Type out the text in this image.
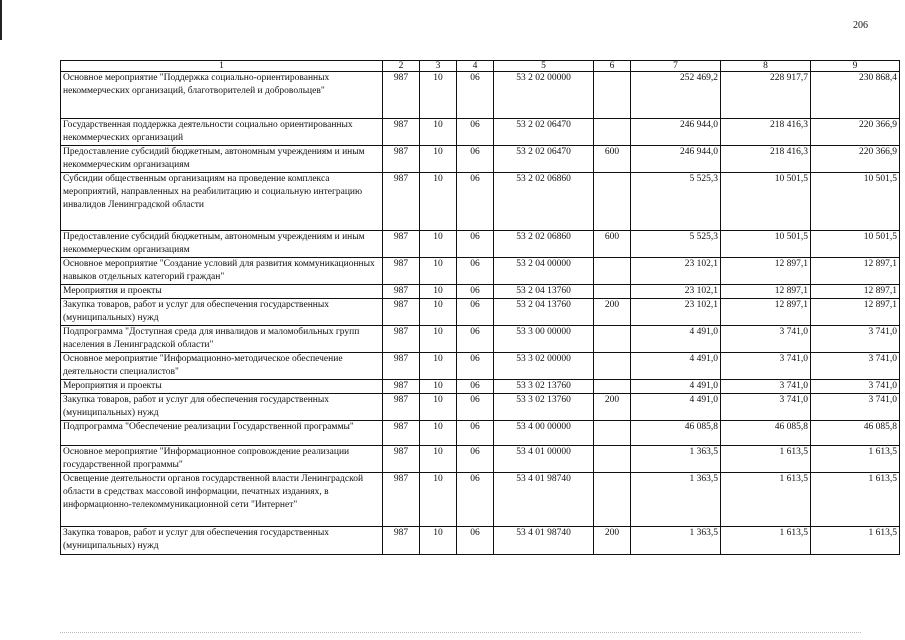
206
1	2	3	4	5	6	7	8	9
Основное мероприятие "Поддержка социально-ориентированных некоммерческих организаций, благотворителей и добровольцев"	987	10	06	53 2 02 00000		252 469,2	228 917,7	230 868,4
Государственная поддержка деятельности социально ориентированных некоммерческих организаций	987	10	06	53 2 02 06470		246 944,0	218 416,3	220 366,9
Предоставление субсидий бюджетным, автономным учреждениям и иным некоммерческим организациям	987	10	06	53 2 02 06470	600	246 944,0	218 416,3	220 366,9
Субсидии общественным организациям на проведение комплекса мероприятий, направленных на реабилитацию и социальную интеграцию инвалидов Ленинградской области	987	10	06	53 2 02 06860		5 525,3	10 501,5	10 501,5
Предоставление субсидий бюджетным, автономным учреждениям и иным некоммерческим организациям	987	10	06	53 2 02 06860	600	5 525,3	10 501,5	10 501,5
Основное мероприятие "Создание условий для развития коммуникационных навыков отдельных категорий граждан"	987	10	06	53 2 04 00000		23 102,1	12 897,1	12 897,1
Мероприятия и проекты	987	10	06	53 2 04 13760		23 102,1	12 897,1	12 897,1
Закупка товаров, работ и услуг для обеспечения государственных (муниципальных) нужд	987	10	06	53 2 04 13760	200	23 102,1	12 897,1	12 897,1
Подпрограмма "Доступная среда для инвалидов и маломобильных групп населения в Ленинградской области"	987	10	06	53 3 00 00000		4 491,0	3 741,0	3 741,0
Основное мероприятие "Информационно-методическое обеспечение деятельности специалистов"	987	10	06	53 3 02 00000		4 491,0	3 741,0	3 741,0
Мероприятия и проекты	987	10	06	53 3 02 13760		4 491,0	3 741,0	3 741,0
Закупка товаров, работ и услуг для обеспечения государственных (муниципальных) нужд	987	10	06	53 3 02 13760	200	4 491,0	3 741,0	3 741,0
Подпрограмма "Обеспечение реализации Государственной программы"	987	10	06	53 4 00 00000		46 085,8	46 085,8	46 085,8
Основное мероприятие "Информационное сопровождение реализации государственной программы"	987	10	06	53 4 01 00000		1 363,5	1 613,5	1 613,5
Освещение деятельности органов государственной власти Ленинградской области в средствах массовой информации, печатных изданиях, в информационно-телекоммуникационной сети "Интернет"	987	10	06	53 4 01 98740		1 363,5	1 613,5	1 613,5
Закупка товаров, работ и услуг для обеспечения государственных (муниципальных) нужд	987	10	06	53 4 01 98740	200	1 363,5	1 613,5	1 613,5
